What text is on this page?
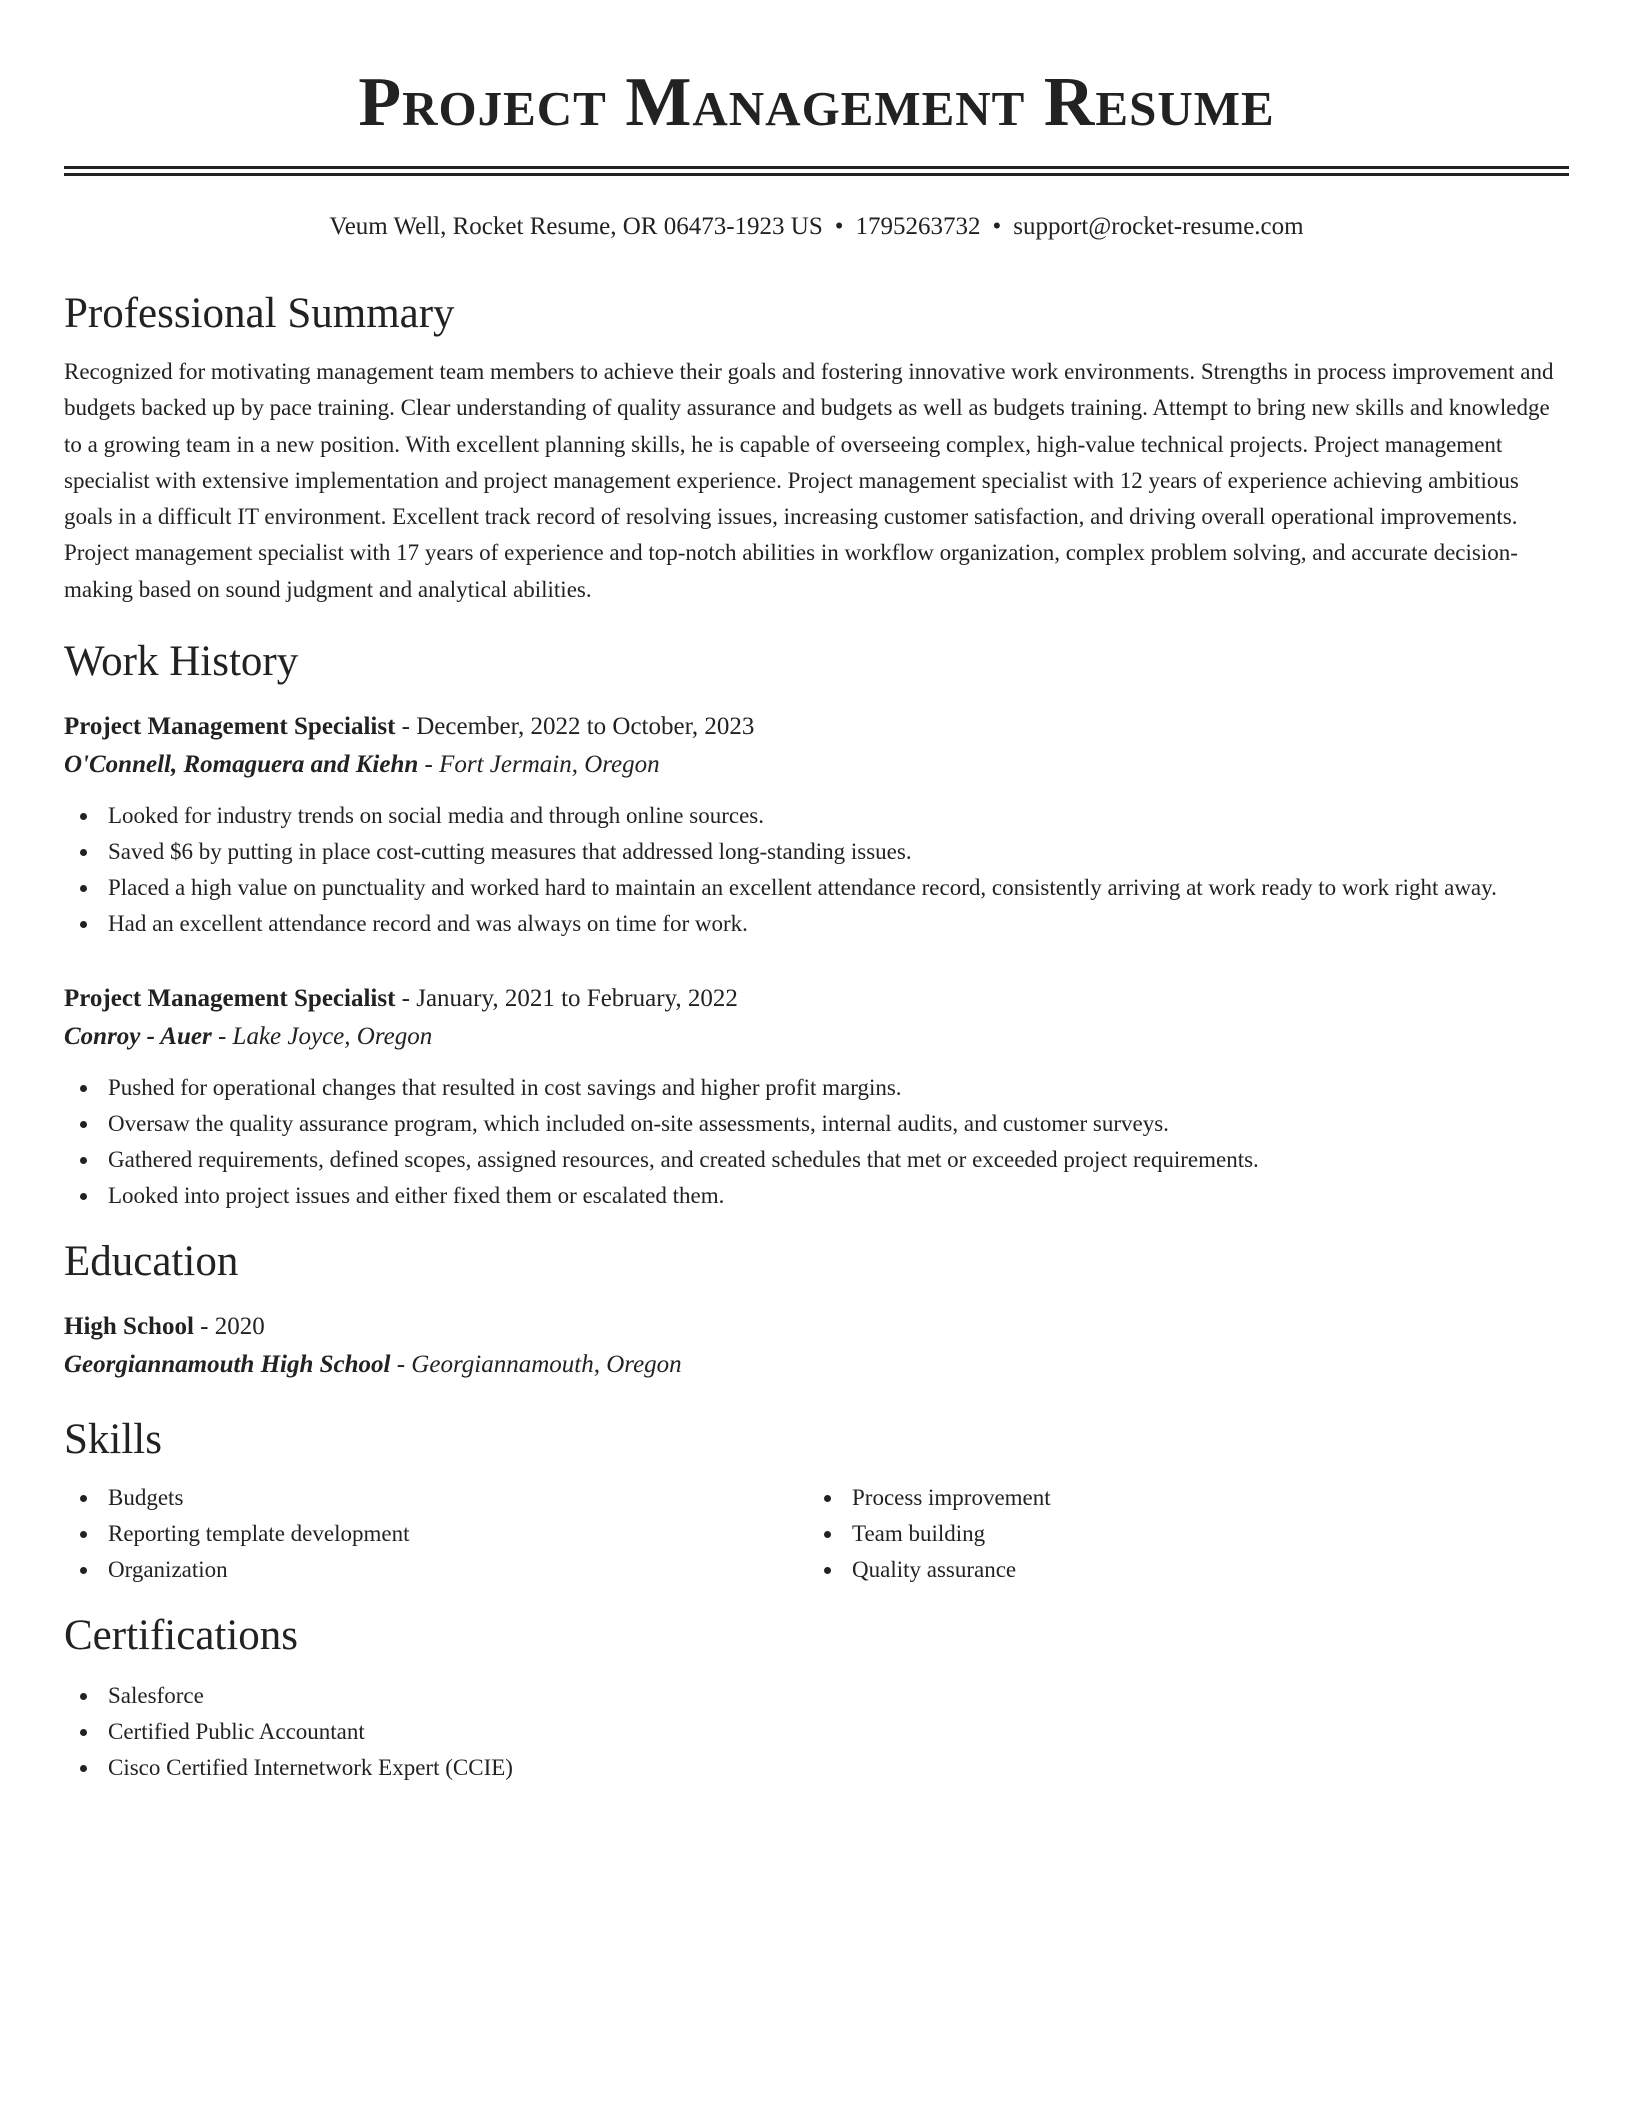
Project Management Resume
Veum Well, Rocket Resume, OR 06473-1923 US • 1795263732 • support@rocket-resume.com
Professional Summary

Recognized for motivating management team members to achieve their goals and fostering innovative work environments. Strengths in process improvement and budgets backed up by pace training. Clear understanding of quality assurance and budgets as well as budgets training. Attempt to bring new skills and knowledge to a growing team in a new position. With excellent planning skills, he is capable of overseeing complex, high-value technical projects. Project management specialist with extensive implementation and project management experience. Project management specialist with 12 years of experience achieving ambitious goals in a difficult IT environment. Excellent track record of resolving issues, increasing customer satisfaction, and driving overall operational improvements. Project management specialist with 17 years of experience and top-notch abilities in workflow organization, complex problem solving, and accurate decision-making based on sound judgment and analytical abilities.

Work History
Project Management Specialist - December, 2022 to October, 2023
O'Connell, Romaguera and Kiehn - Fort Jermain, Oregon
Looked for industry trends on social media and through online sources.
Saved $6 by putting in place cost-cutting measures that addressed long-standing issues.
Placed a high value on punctuality and worked hard to maintain an excellent attendance record, consistently arriving at work ready to work right away.
Had an excellent attendance record and was always on time for work.
Project Management Specialist - January, 2021 to February, 2022
Conroy - Auer - Lake Joyce, Oregon
Pushed for operational changes that resulted in cost savings and higher profit margins.
Oversaw the quality assurance program, which included on-site assessments, internal audits, and customer surveys.
Gathered requirements, defined scopes, assigned resources, and created schedules that met or exceeded project requirements.
Looked into project issues and either fixed them or escalated them.
Education
High School - 2020
Georgiannamouth High School - Georgiannamouth, Oregon
Skills
Budgets
Reporting template development
Organization
Process improvement
Team building
Quality assurance
Certifications
Salesforce
Certified Public Accountant
Cisco Certified Internetwork Expert (CCIE)
